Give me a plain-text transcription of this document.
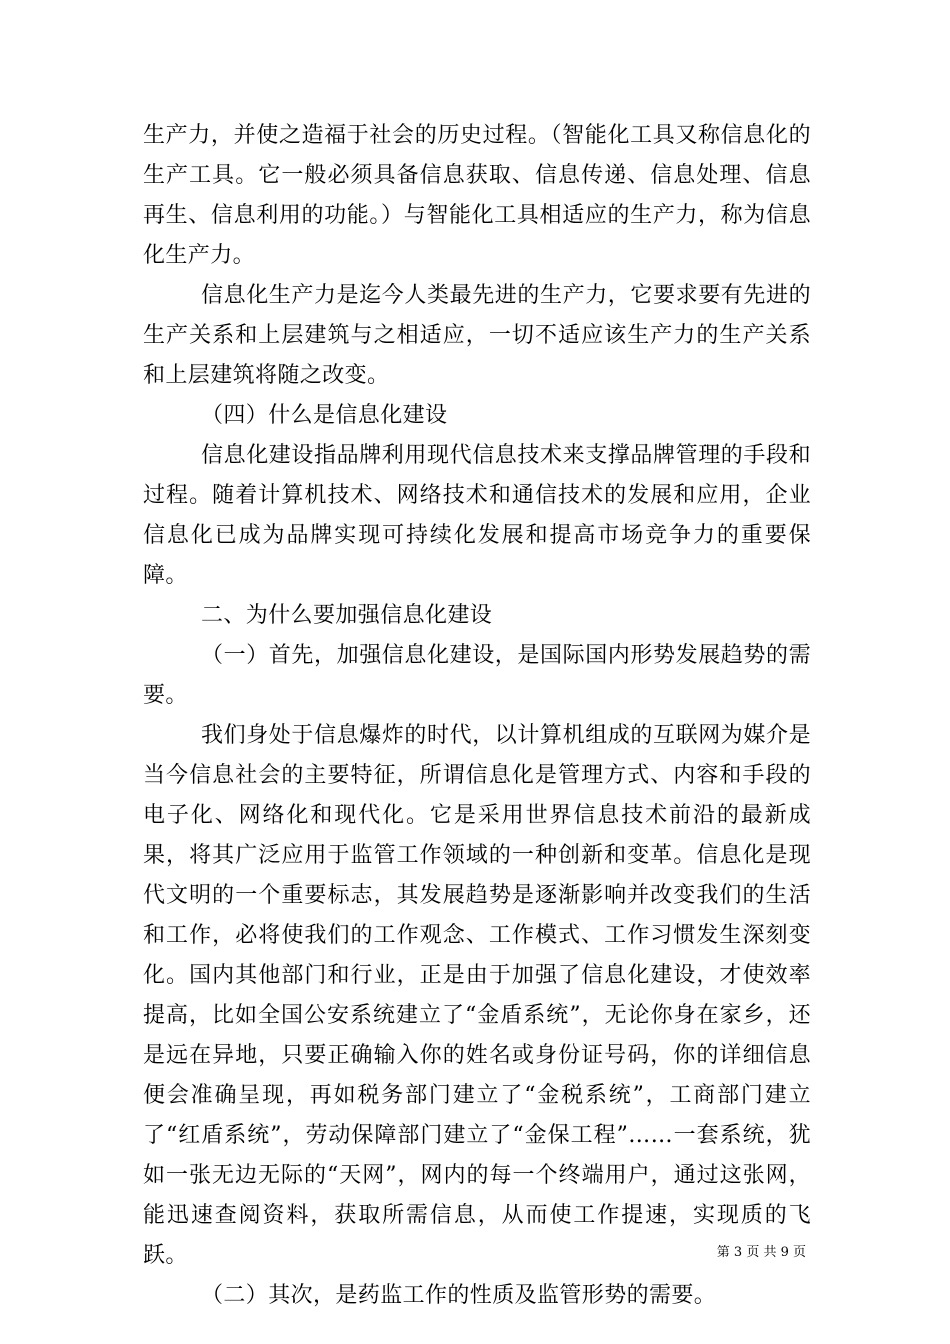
生产力，并使之造福于社会的历史过程。（智能化工具又称信息化的生产工具。它一般必须具备信息获取、信息传递、信息处理、信息再生、信息利用的功能。）与智能化工具相适应的生产力，称为信息化生产力。

信息化生产力是迄今人类最先进的生产力，它要求要有先进的生产关系和上层建筑与之相适应，一切不适应该生产力的生产关系和上层建筑将随之改变。

（四）什么是信息化建设

信息化建设指品牌利用现代信息技术来支撑品牌管理的手段和过程。随着计算机技术、网络技术和通信技术的发展和应用，企业信息化已成为品牌实现可持续化发展和提高市场竞争力的重要保障。

二、为什么要加强信息化建设

（一）首先，加强信息化建设，是国际国内形势发展趋势的需要。

我们身处于信息爆炸的时代，以计算机组成的互联网为媒介是当今信息社会的主要特征，所谓信息化是管理方式、内容和手段的电子化、网络化和现代化。它是采用世界信息技术前沿的最新成果，将其广泛应用于监管工作领域的一种创新和变革。信息化是现代文明的一个重要标志，其发展趋势是逐渐影响并改变我们的生活和工作，必将使我们的工作观念、工作模式、工作习惯发生深刻变化。国内其他部门和行业，正是由于加强了信息化建设，才使效率提高，比如全国公安系统建立了“金盾系统”，无论你身在家乡，还是远在异地，只要正确输入你的姓名或身份证号码，你的详细信息便会准确呈现，再如税务部门建立了“金税系统”，工商部门建立了“红盾系统”，劳动保障部门建立了“金保工程”……一套系统，犹如一张无边无际的“天网”，网内的每一个终端用户，通过这张网，能迅速查阅资料，获取所需信息，从而使工作提速，实现质的飞跃。

（二）其次，是药监工作的性质及监管形势的需要。

第 3 页 共 9 页
